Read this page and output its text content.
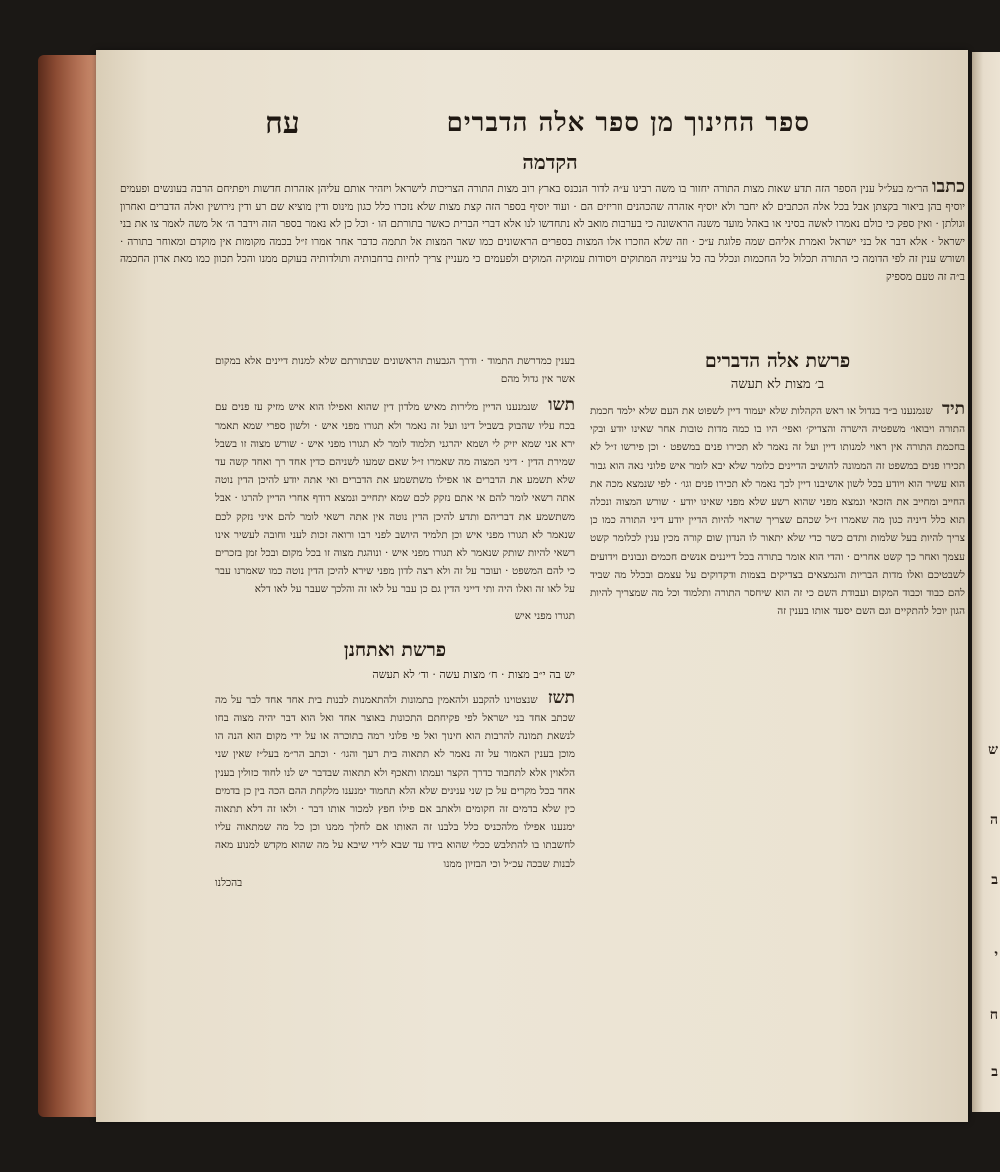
ש
ה
ב
י
ח
ב
ספר החינוך מן ספר אלה הדברים
עח
הקדמה
כתבו הר״מ בעל״ל ענין הספר הזה תדע שאות מצות התורה יחזור בו משה רבינו ע״ה לדור הנכנס בארץ רוב מצות התורה הצריכות לישראל ויזהיר אותם עליהן אזהרות חדשות ויפתיחם הרבה בעונשים ופעמים יוסיף בהן ביאור בקצתן אבל בכל אלה הכתבים לא יחבר ולא יוסיף אזהרה שהכהנים וזריזים הם · ועוד יוסיף בספר הזה קצת מצות שלא נזכרו כלל כגון מינוס ודין מוציא שם רע ודין נירושין ואלה הדברים ואחרון וגולתן · ואין ספק כי כולם נאמרו לאשה בסיני או באהל מועד משנה הראשונה כי בערבות מואב לא נתחדשו לנו אלא דברי הברית כאשר בתורתם הו · וכל כן לא נאמר בספר הזה וידבר ה׳ אל משה לאמר צו את בני ישראל · אלא דבר אל בני ישראל ואמרת אליהם שמה פלוגת ע״כ · וזה שלא הוזכרו אלו המצות בספרים הראשונים כמו שאר המצות אל תתמה כדבר אחר אמרו ז״ל בכמה מקומות אין מוקדם ומאוחר בתורה · ושורש ענין זה לפי הדומה כי התורה תכלול כל החכמות ונכלל בה כל ענייניה המתוקים ויסודות עמוקיה המוקים ולפעמים כי מעניין צריך לחיות ברחבותיה ותולדותיה בעוקם ממנו והכל תכוון כמו מאת אדון החכמה ב״ה זה טעם מספיק
פרשת אלה הדברים
ב׳ מצות לא תעשה
תיד שנמנענו ב״ד בגדול או ראש הקהלות שלא יעמוד דיין לשפוט את העם שלא ילמד חכמת התורה ויבואו׳ משפטיה הישרה והצדיק׳ ואפי׳ היו בו כמה מדות טובות אחר שאינו יודע ובקי בחכמת התורה אין ראוי למנותו דיין ועל זה נאמר לא תכירו פנים במשפט · וכן פירשו ז״ל לא תכירו פנים במשפט זה הממונה להושיב הדיינים כלומר שלא יבא לומר איש פלוני נאה הוא גבור הוא עשיר הוא ויודע בכל לשון אושיבנו דיין לכך נאמר לא תכירו פנים וגו׳ · לפי שנמצא מכה את החייב ומחייב את הזכאי ונמצא מפני שהוא רשע שלא מפני שאינו יודע · שורש המצוה ונכלה תוא כלל דיניה כגון מה שאמרו ז״ל שכהם שצריך שראוי להיות הדיין יודע דיני התורה כמו כן צריך להיות בעל שלמות ותדם כשר כדי שלא יתאור לו הנדון שום קורה מכין ענין לכלומר קשט עצמך ואחר כך קשט אחרים · והדי הוא אומר בתורה בכל דייננים אנשים חכמים ונבונים וידועים לשבטיכם ואלו מדות הבריות והנמצאים בצדיקים בצמות ודקדוקים על עצמם ובכלל מה שביד להם כבוד וכבוד המקום ועבודת השם כי זה הוא שיחסר התורה ותלמוד וכל מה שמצריך להיות הגון יוכל להתקיים וגם השם יסעד אותו בענין זה
בענין כמדרשת התמוד · ודרך הגבעות הראשונים שבתורתם שלא למנות דיינים אלא במקום אשר אין גדול מהם
תשו שנמנענו הדיין מלירות מאיש מלדון דין שהוא ואפילו הוא איש מזיק עז פנים עם בכח עליו שהבוק בשביל דינו ועל זה נאמר ולא תגורו מפני איש · ולשון ספרי שמא תאמר ירא אני שמא יזיק לי ושמא יהרגני תלמוד לומר לא תגורו מפני איש · שורש מצוה זו בשבל שמירת הדין · דיני המצוה מה שאמרו ז״ל שאם שמעו לשניהם כדין אחד רך ואחד קשה עד שלא תשמע את הדברים או אפילו משתשמע את הדברים ואי אתה יודע להיכן הדין נוטה אתה רשאי לומר להם אי אתם נזקק לכם שמא יתחייב ונמצא רודף אחרי הדיין להרגו · אבל משתשמע את דבריהם ותדע להיכן הדין נוטה אין אתה רשאי לומר להם איני נזקק לכם שנאמר לא תגורו מפני איש וכן תלמיד היושב לפני רבו ורואה זכות לעני וחובה לעשיר אינו רשאי להיות שותק שנאמר לא תגורו מפני איש · ונוהגת מצוה זו בכל מקום ובכל זמן בזכרים כי להם המשפט · ועובר על זה ולא רצה לדון מפני שירא להיכן הדין נוטה כמו שאמרנו עבר על לאו זה ואלו היה ותי דייני הדין גם כן עבר על לאו זה והלכך שעבר על לאו דלא
תגורו מפני איש
פרשת ואתחנן
יש בה י״ב מצות · ח׳ מצות עשה · וד׳ לא תעשה
תשז שנצטוינו להקבע ולהאמין בתמונות ולהתאמנות לבנות בית אחד אחד לבר על מה שכתב אחד בני ישראל לפי פקיחתם התכונות באוצר אחד ואל הוא דבר יהיה מצוה בחו לנשאת תמונה להרבות הוא חינוך ואל פי פלוני רמה בתוכרה או על ידי מקום הוא הנה הו מוכן בענין האמור על זה נאמר לא תתאוה בית רעך והגו׳ · וכתב הר״מ בעל״ז שאין שני הלאוין אלא לתחבוד כדרך הקצר ועמתו ותאכף ולא תתאוה שבדבר יש לנו לחוד כזולין בענין אחד בכל מקרים על כן שני ענינים שלא הלא תחמוד ימנענו מלקחת ההם הכה בין כן בדמים כין שלא בדמים זה חקומים ולאתב אם פילו חפץ למכור אותו דבר · ולאו זה דלא תתאוה ימנענו אפילו מלהכניס כלל בלבנו זה האותו אם לחלך ממנו וכן כל מה שמתאוה עליו לחשבתו בו להתלבש ככלי שהוא בידו עד שבא לידי שיבא על מה שהוא מקדש למנוע מאה לבנות שבכה עכ״ל וכי הבזיון ממנו
בהכלנו
